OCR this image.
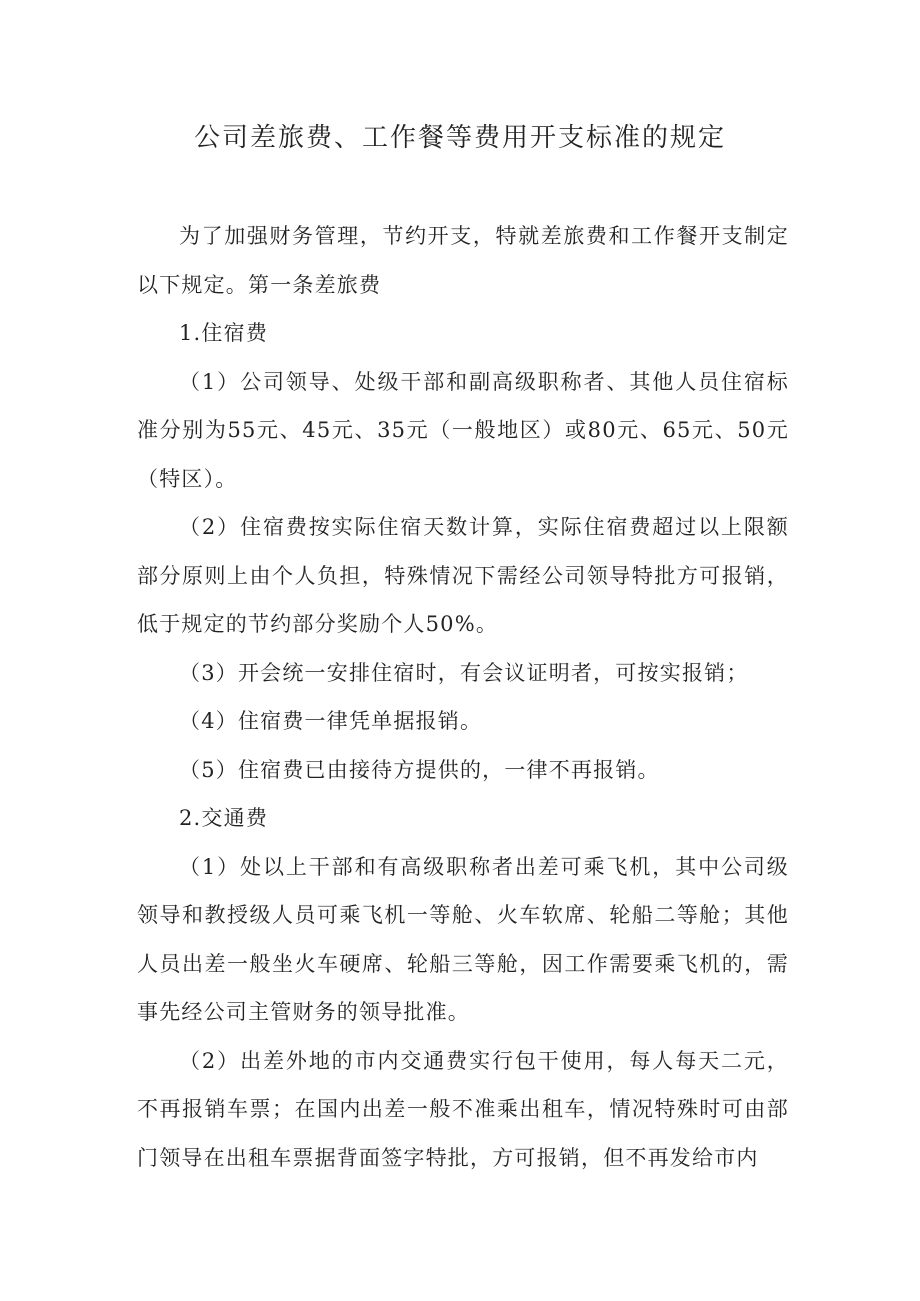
公司差旅费、工作餐等费用开支标准的规定

为了加强财务管理，节约开支，特就差旅费和工作餐开支制定以下规定。第一条差旅费

1.住宿费

（1）公司领导、处级干部和副高级职称者、其他人员住宿标准分别为55元、45元、35元（一般地区）或80元、65元、50元（特区）。

（2）住宿费按实际住宿天数计算，实际住宿费超过以上限额部分原则上由个人负担，特殊情况下需经公司领导特批方可报销，低于规定的节约部分奖励个人50%。

（3）开会统一安排住宿时，有会议证明者，可按实报销；

（4）住宿费一律凭单据报销。

（5）住宿费已由接待方提供的，一律不再报销。

2.交通费

（1）处以上干部和有高级职称者出差可乘飞机，其中公司级领导和教授级人员可乘飞机一等舱、火车软席、轮船二等舱；其他人员出差一般坐火车硬席、轮船三等舱，因工作需要乘飞机的，需事先经公司主管财务的领导批准。

（2）出差外地的市内交通费实行包干使用，每人每天二元，不再报销车票；在国内出差一般不准乘出租车，情况特殊时可由部门领导在出租车票据背面签字特批，方可报销，但不再发给市内
